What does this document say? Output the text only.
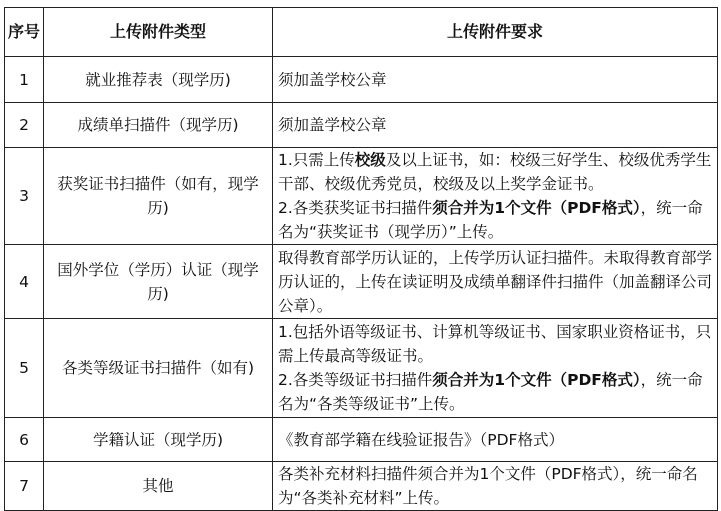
序号	上传附件类型	上传附件要求
1	就业推荐表（现学历)	须加盖学校公章
2	成绩单扫描件（现学历)	须加盖学校公章
3	获奖证书扫描件（如有，现学历)	1.只需上传校级及以上证书，如：校级三好学生、校级优秀学生干部、校级优秀党员，校级及以上奖学金证书。
2.各类获奖证书扫描件须合并为1个文件（PDF格式），统一命名为“获奖证书（现学历）”上传。
4	国外学位（学历）认证（现学历)	取得教育部学历认证的，上传学历认证扫描件。未取得教育部学历认证的，上传在读证明及成绩单翻译件扫描件（加盖翻译公司公章）。
5	各类等级证书扫描件（如有)	1.包括外语等级证书、计算机等级证书、国家职业资格证书，只需上传最高等级证书。
2.各类等级证书扫描件须合并为1个文件（PDF格式），统一命名为“各类等级证书”上传。
6	学籍认证（现学历)	《教育部学籍在线验证报告》（PDF格式）
7	其他	各类补充材料扫描件须合并为1个文件（PDF格式），统一命名为“各类补充材料”上传。
